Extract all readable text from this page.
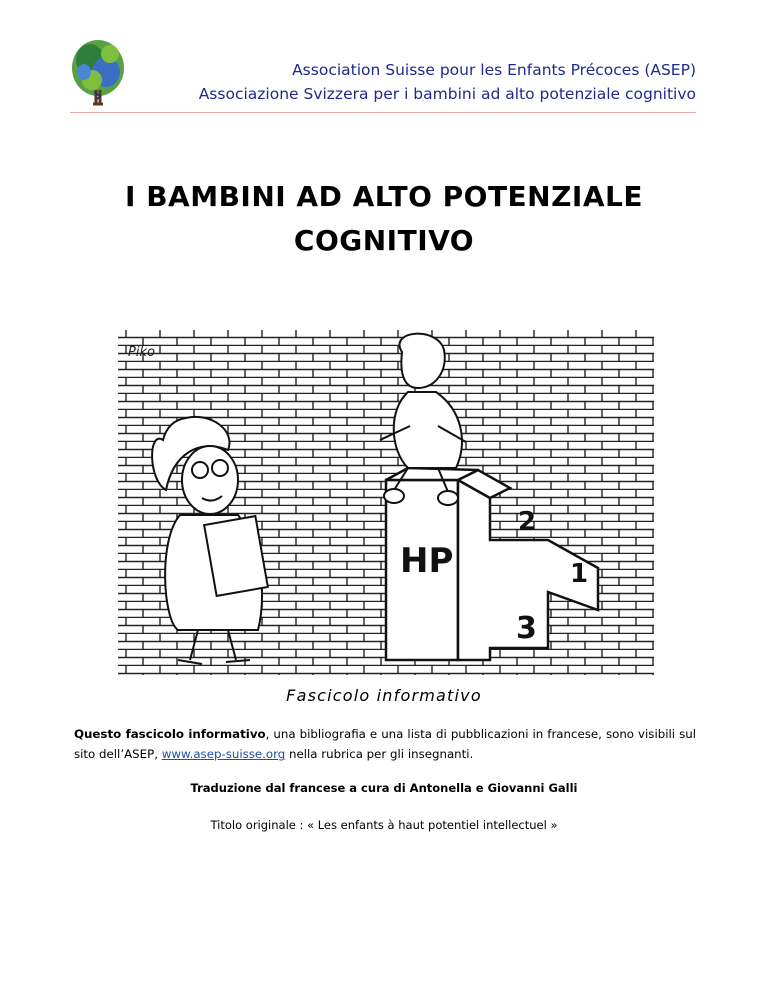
Association Suisse pour les Enfants Précoces (ASEP)
Associazione Svizzera per i bambini ad alto potenziale cognitivo
I BAMBINI AD ALTO POTENZIALE
COGNITIVO
Piko
HP
2
1
3
Fascicolo informativo
Questo fascicolo informativo, una bibliografia e una lista di pubblicazioni in francese, sono visibili sul sito dell’ASEP, www.asep-suisse.org nella rubrica per gli insegnanti.
Traduzione dal francese a cura di Antonella e Giovanni Galli
Titolo originale : « Les enfants à haut potentiel intellectuel »
